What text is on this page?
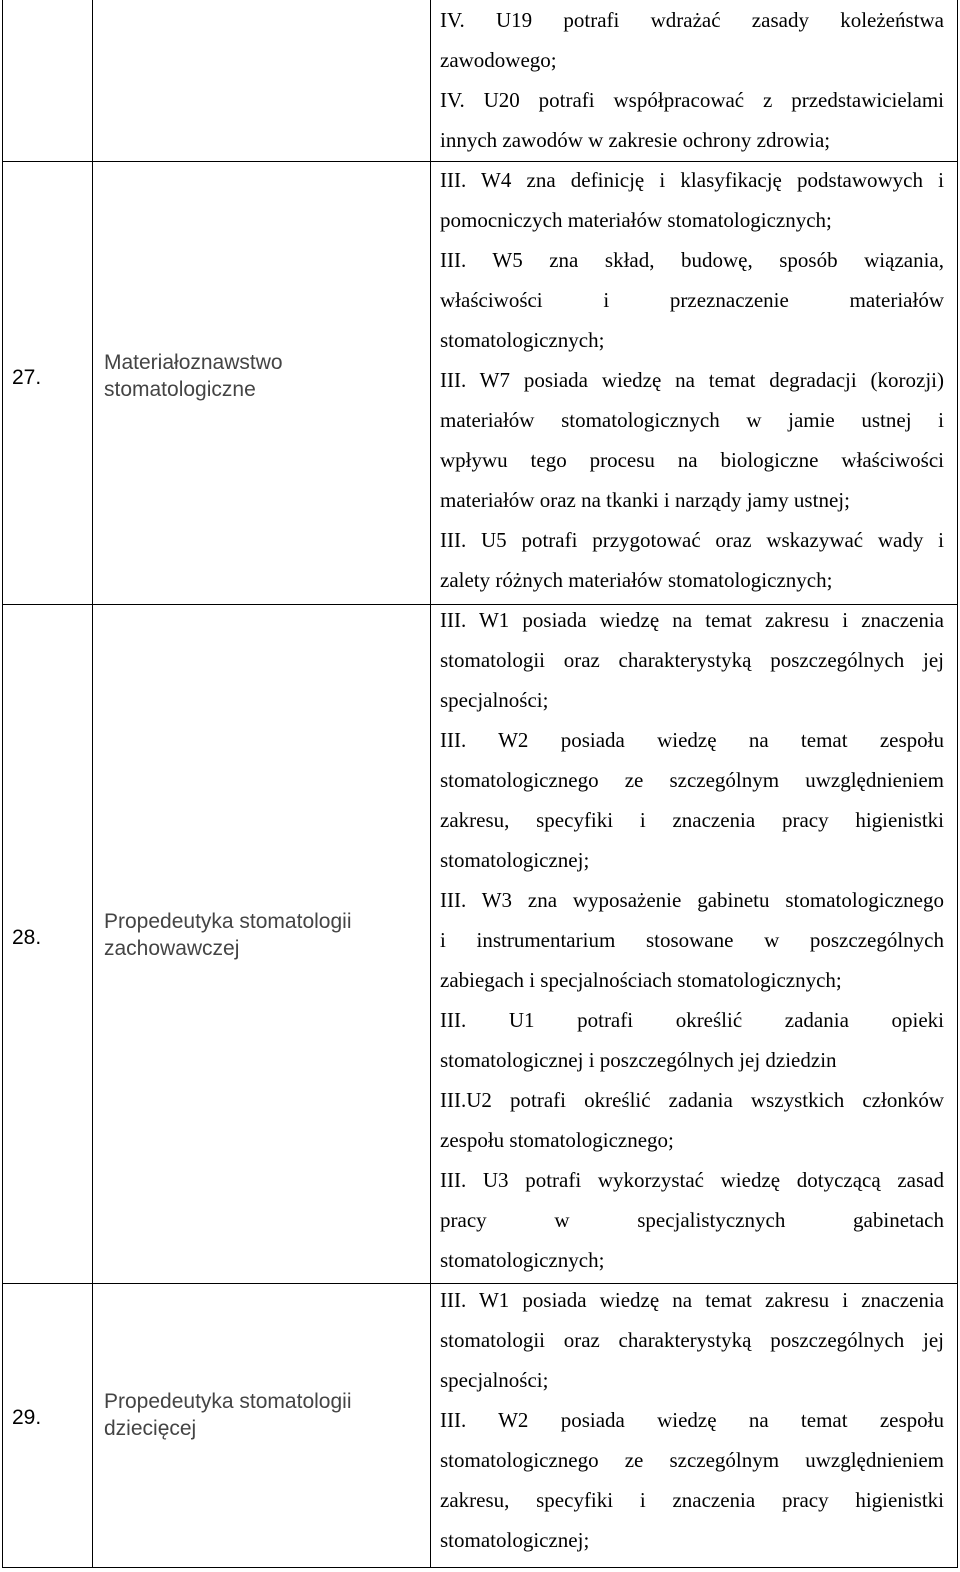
IV. U19 potrafi wdrażać zasady koleżeństwa
zawodowego;
IV. U20 potrafi współpracować z przedstawicielami
innych zawodów w zakresie ochrony zdrowia;
27.
Materiałoznawstwo stomatologiczne
III. W4 zna definicję i klasyfikację podstawowych i
pomocniczych materiałów stomatologicznych;
III. W5 zna skład, budowę, sposób wiązania,
właściwości i przeznaczenie materiałów
stomatologicznych;
III. W7 posiada wiedzę na temat degradacji (korozji)
materiałów stomatologicznych w jamie ustnej i
wpływu tego procesu na biologiczne właściwości
materiałów oraz na tkanki i narządy jamy ustnej;
III. U5 potrafi przygotować oraz wskazywać wady i
zalety różnych materiałów stomatologicznych;
28.
Propedeutyka stomatologii zachowawczej
III. W1 posiada wiedzę na temat zakresu i znaczenia
stomatologii oraz charakterystyką poszczególnych jej
specjalności;
III. W2 posiada wiedzę na temat zespołu
stomatologicznego ze szczególnym uwzględnieniem
zakresu, specyfiki i znaczenia pracy higienistki
stomatologicznej;
III. W3 zna wyposażenie gabinetu stomatologicznego
i instrumentarium stosowane w poszczególnych
zabiegach i specjalnościach stomatologicznych;
III. U1 potrafi określić zadania opieki
stomatologicznej i poszczególnych jej dziedzin
III.U2 potrafi określić zadania wszystkich członków
zespołu stomatologicznego;
III. U3 potrafi wykorzystać wiedzę dotyczącą zasad
pracy w specjalistycznych gabinetach
stomatologicznych;
29.
Propedeutyka stomatologii dziecięcej
III. W1 posiada wiedzę na temat zakresu i znaczenia
stomatologii oraz charakterystyką poszczególnych jej
specjalności;
III. W2 posiada wiedzę na temat zespołu
stomatologicznego ze szczególnym uwzględnieniem
zakresu, specyfiki i znaczenia pracy higienistki
stomatologicznej;
